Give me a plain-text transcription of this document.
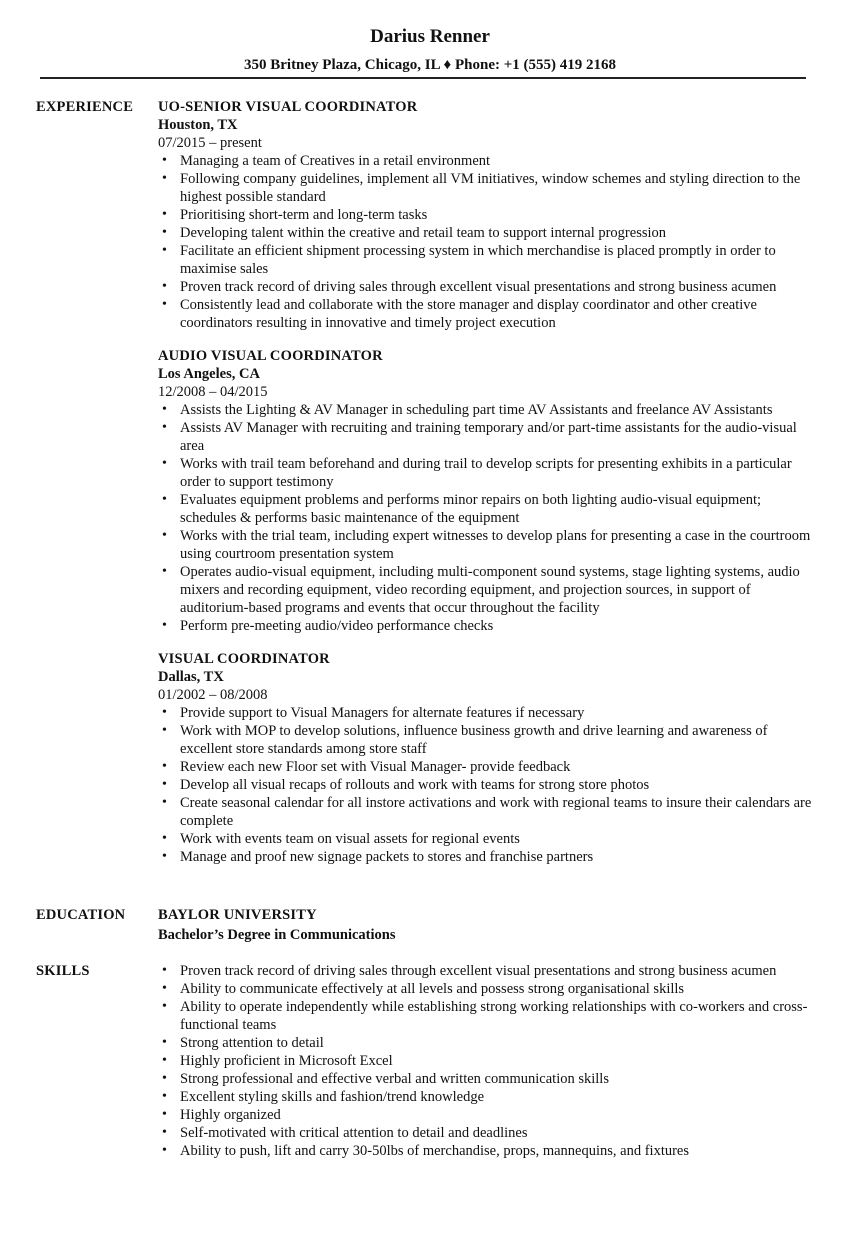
Darius Renner
350 Britney Plaza, Chicago, IL ♦ Phone: +1 (555) 419 2168
EXPERIENCE UO-SENIOR VISUAL COORDINATOR
Houston, TX
07/2015 – present
• Managing a team of Creatives in a retail environment
• Following company guidelines, implement all VM initiatives, window schemes and styling direction to the highest possible standard
• Prioritising short-term and long-term tasks
• Developing talent within the creative and retail team to support internal progression
• Facilitate an efficient shipment processing system in which merchandise is placed promptly in order to maximise sales
• Proven track record of driving sales through excellent visual presentations and strong business acumen
• Consistently lead and collaborate with the store manager and display coordinator and other creative coordinators resulting in innovative and timely project execution
AUDIO VISUAL COORDINATOR
Los Angeles, CA
12/2008 – 04/2015
• Assists the Lighting & AV Manager in scheduling part time AV Assistants and freelance AV Assistants
• Assists AV Manager with recruiting and training temporary and/or part-time assistants for the audio-visual area
• Works with trail team beforehand and during trail to develop scripts for presenting exhibits in a particular order to support testimony
• Evaluates equipment problems and performs minor repairs on both lighting audio-visual equipment; schedules & performs basic maintenance of the equipment
• Works with the trial team, including expert witnesses to develop plans for presenting a case in the courtroom using courtroom presentation system
• Operates audio-visual equipment, including multi-component sound systems, stage lighting systems, audio mixers and recording equipment, video recording equipment, and projection sources, in support of auditorium-based programs and events that occur throughout the facility
• Perform pre-meeting audio/video performance checks
VISUAL COORDINATOR
Dallas, TX
01/2002 – 08/2008
• Provide support to Visual Managers for alternate features if necessary
• Work with MOP to develop solutions, influence business growth and drive learning and awareness of excellent store standards among store staff
• Review each new Floor set with Visual Manager- provide feedback
• Develop all visual recaps of rollouts and work with teams for strong store photos
• Create seasonal calendar for all instore activations and work with regional teams to insure their calendars are complete
• Work with events team on visual assets for regional events
• Manage and proof new signage packets to stores and franchise partners
EDUCATION BAYLOR UNIVERSITY
Bachelor’s Degree in Communications
SKILLS
•	Proven track record of driving sales through excellent visual presentations and strong business acumen
• Ability to communicate effectively at all levels and possess strong organisational skills
• Ability to operate independently while establishing strong working relationships with co-workers and cross-functional teams
• Strong attention to detail
• Highly proficient in Microsoft Excel
• Strong professional and effective verbal and written communication skills
• Excellent styling skills and fashion/trend knowledge
• Highly organized
• Self-motivated with critical attention to detail and deadlines
• Ability to push, lift and carry 30-50lbs of merchandise, props, mannequins, and fixtures
